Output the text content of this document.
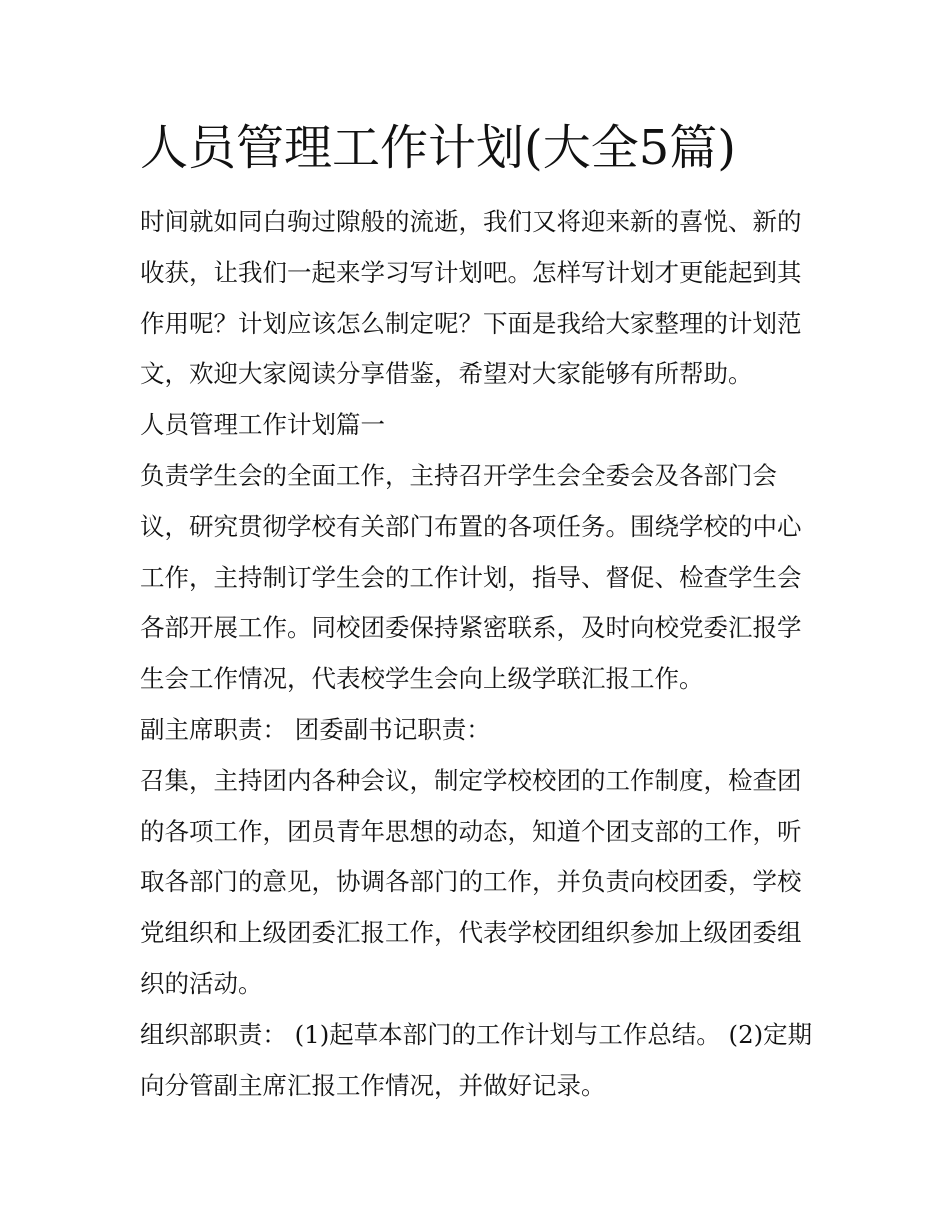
人员管理工作计划(大全5篇)
时间就如同白驹过隙般的流逝，我们又将迎来新的喜悦、新的
收获，让我们一起来学习写计划吧。怎样写计划才更能起到其
作用呢？计划应该怎么制定呢？下面是我给大家整理的计划范
文，欢迎大家阅读分享借鉴，希望对大家能够有所帮助。
人员管理工作计划篇一
负责学生会的全面工作，主持召开学生会全委会及各部门会
议，研究贯彻学校有关部门布置的各项任务。围绕学校的中心
工作，主持制订学生会的工作计划，指导、督促、检查学生会
各部开展工作。同校团委保持紧密联系，及时向校党委汇报学
生会工作情况，代表校学生会向上级学联汇报工作。
副主席职责： 团委副书记职责：
召集，主持团内各种会议，制定学校校团的工作制度，检查团
的各项工作，团员青年思想的动态，知道个团支部的工作，听
取各部门的意见，协调各部门的工作，并负责向校团委，学校
党组织和上级团委汇报工作，代表学校团组织参加上级团委组
织的活动。
组织部职责： (1)起草本部门的工作计划与工作总结。 (2)定期
向分管副主席汇报工作情况，并做好记录。
